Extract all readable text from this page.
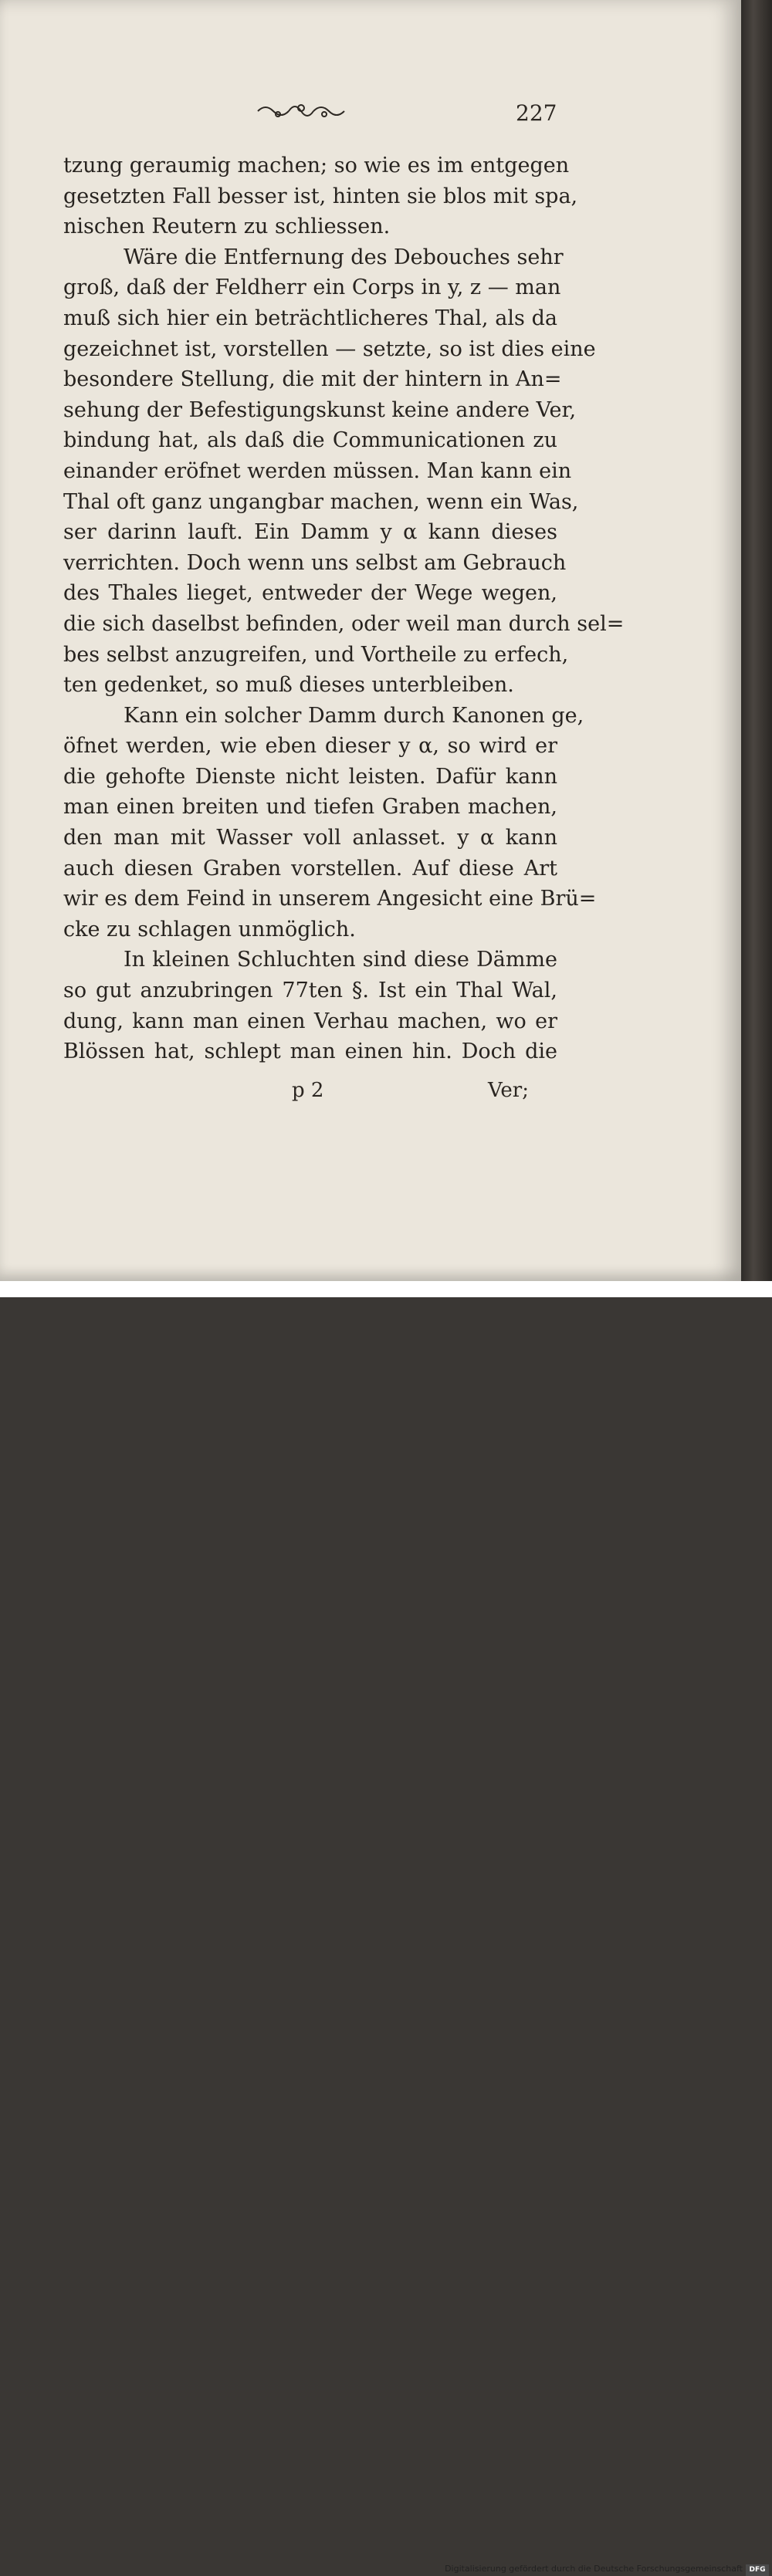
227
tzung geraumig machen; so wie es im entgegen
gesetzten Fall besser ist, hinten sie blos mit spa,
nischen Reutern zu schliessen.
Wäre die Entfernung des Debouches sehr
groß, daß der Feldherr ein Corps in y, z — man
muß sich hier ein beträchtlicheres Thal, als da
gezeichnet ist, vorstellen — setzte, so ist dies eine
besondere Stellung, die mit der hintern in An=
sehung der Befestigungskunst keine andere Ver,
bindung hat, als daß die Communicationen zu
einander eröfnet werden müssen. Man kann ein
Thal oft ganz ungangbar machen, wenn ein Was,
ser darinn lauft. Ein Damm y α kann dieses
verrichten. Doch wenn uns selbst am Gebrauch
des Thales lieget, entweder der Wege wegen,
die sich daselbst befinden, oder weil man durch sel=
bes selbst anzugreifen, und Vortheile zu erfech,
ten gedenket, so muß dieses unterbleiben.
Kann ein solcher Damm durch Kanonen ge,
öfnet werden, wie eben dieser y α, so wird er
die gehofte Dienste nicht leisten. Dafür kann
man einen breiten und tiefen Graben machen,
den man mit Wasser voll anlasset. y α kann
auch diesen Graben vorstellen. Auf diese Art
wir es dem Feind in unserem Angesicht eine Brü=
cke zu schlagen unmöglich.
In kleinen Schluchten sind diese Dämme
so gut anzubringen 77ten §. Ist ein Thal Wal,
dung, kann man einen Verhau machen, wo er
Blössen hat, schlept man einen hin. Doch die
p 2	Ver;
Digitalisierung gefördert durch die Deutsche Forschungsgemeinschaft DFG
